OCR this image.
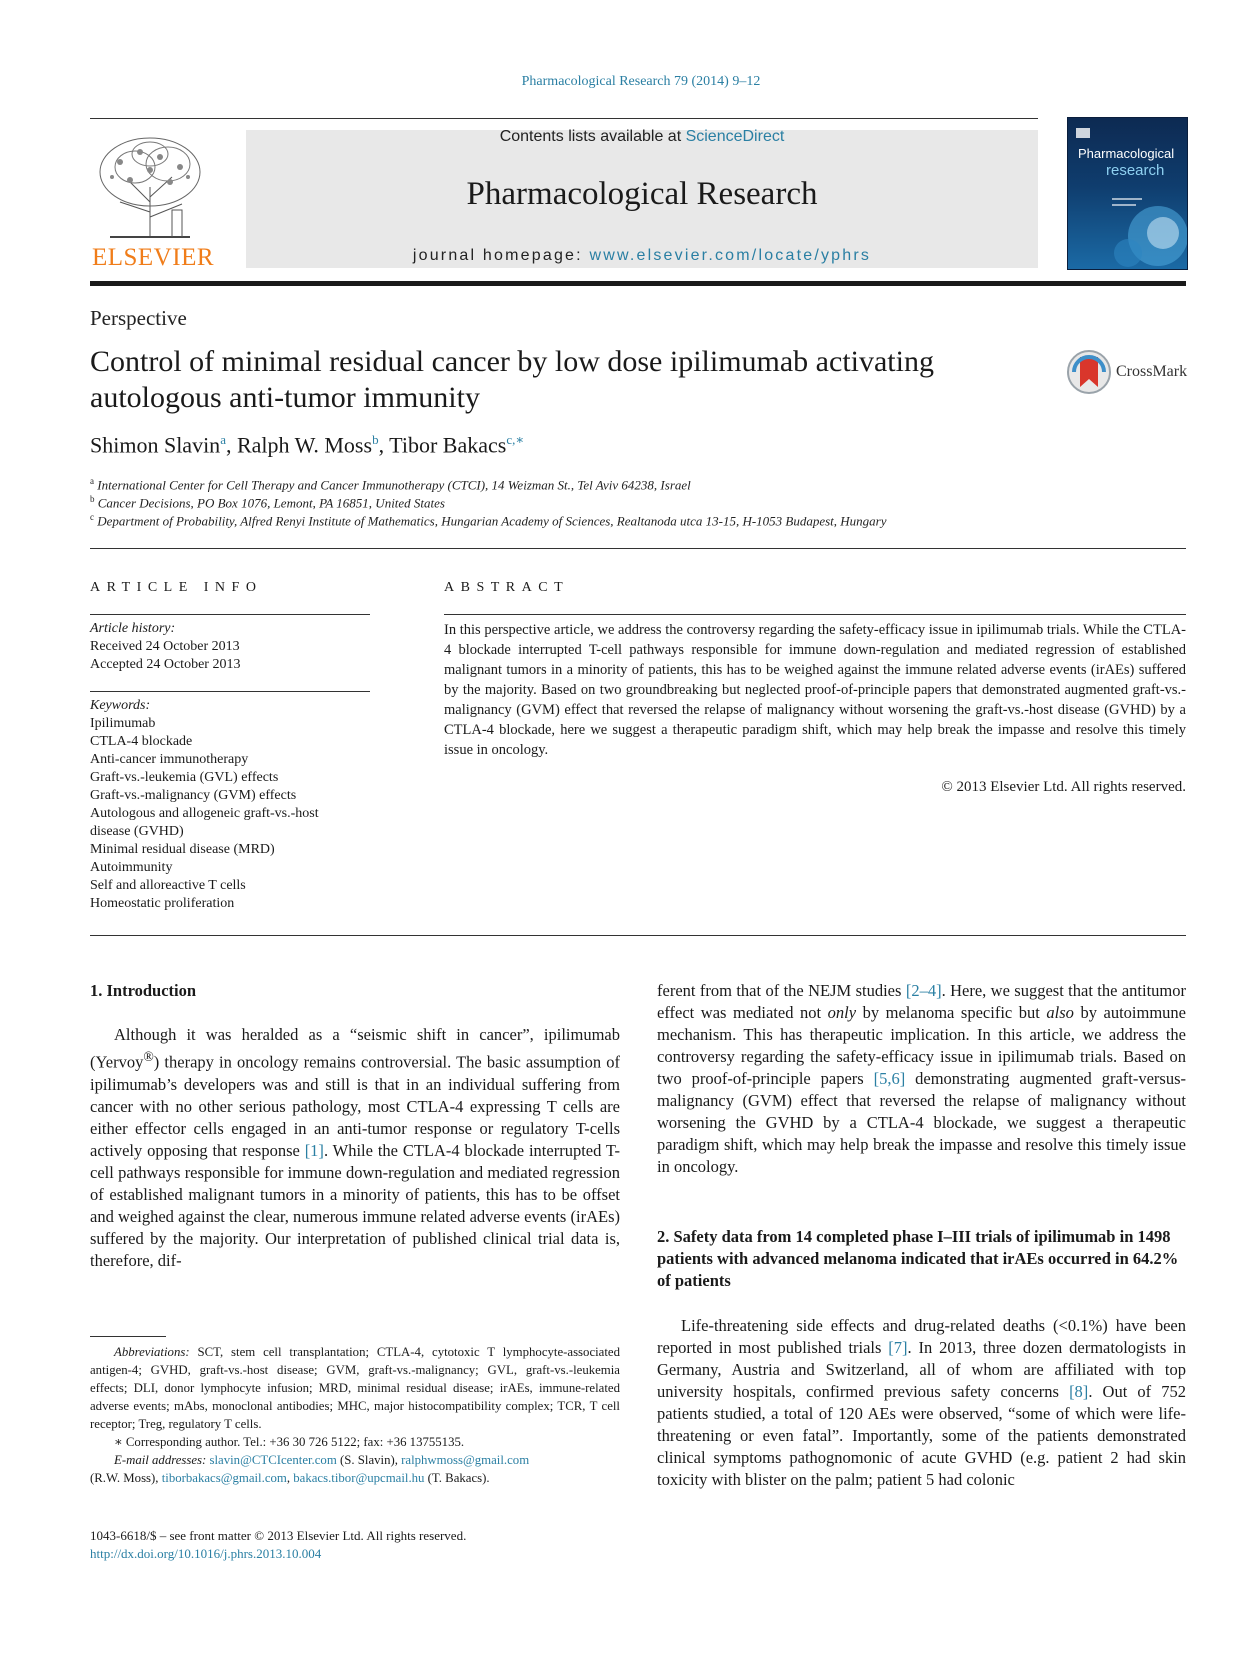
Pharmacological Research 79 (2014) 9–12
ELSEVIER
Contents lists available at ScienceDirect
Pharmacological Research
journal homepage: www.elsevier.com/locate/yphrs
Pharmacological
research
Perspective
Control of minimal residual cancer by low dose ipilimumab activating
autologous anti-tumor immunity
CrossMark
Shimon Slavin$^a$, Ralph W. Moss$^b$, Tibor Bakacs$^{c,∗}$
$^a$ International Center for Cell Therapy and Cancer Immunotherapy (CTCI), 14 Weizman St., Tel Aviv 64238, Israel
$^b$ Cancer Decisions, PO Box 1076, Lemont, PA 16851, United States
$^c$ Department of Probability, Alfred Renyi Institute of Mathematics, Hungarian Academy of Sciences, Realtanoda utca 13-15, H-1053 Budapest, Hungary
ARTICLE INFO	ABSTRACT
Article history:
Received 24 October 2013
Accepted 24 October 2013
Keywords:
Ipilimumab
CTLA-4 blockade
Anti-cancer immunotherapy
Graft-vs.-leukemia (GVL) effects
Graft-vs.-malignancy (GVM) effects
Autologous and allogeneic graft-vs.-host disease (GVHD)
Minimal residual disease (MRD)
Autoimmunity
Self and alloreactive T cells
Homeostatic proliferation
In this perspective article, we address the controversy regarding the safety-efficacy issue in ipilimumab trials. While the CTLA-4 blockade interrupted T-cell pathways responsible for immune down-regulation and mediated regression of established malignant tumors in a minority of patients, this has to be weighed against the immune related adverse events (irAEs) suffered by the majority. Based on two groundbreaking but neglected proof-of-principle papers that demonstrated augmented graft-vs.-malignancy (GVM) effect that reversed the relapse of malignancy without worsening the graft-vs.-host disease (GVHD) by a CTLA-4 blockade, here we suggest a therapeutic paradigm shift, which may help break the impasse and resolve this timely issue in oncology.
© 2013 Elsevier Ltd. All rights reserved.
1. Introduction

Although it was heralded as a “seismic shift in cancer”, ipilimumab (Yervoy®) therapy in oncology remains controversial. The basic assumption of ipilimumab’s developers was and still is that in an individual suffering from cancer with no other serious pathology, most CTLA-4 expressing T cells are either effector cells engaged in an anti-tumor response or regulatory T-cells actively opposing that response [1]. While the CTLA-4 blockade interrupted T-cell pathways responsible for immune down-regulation and mediated regression of established malignant tumors in a minority of patients, this has to be offset and weighed against the clear, numerous immune related adverse events (irAEs) suffered by the majority. Our interpretation of published clinical trial data is, therefore, dif-

ferent from that of the NEJM studies [2–4]. Here, we suggest that the antitumor effect was mediated not only by melanoma specific but also by autoimmune mechanism. This has therapeutic implication. In this article, we address the controversy regarding the safety-efficacy issue in ipilimumab trials. Based on two proof-of-principle papers [5,6] demonstrating augmented graft-versus-malignancy (GVM) effect that reversed the relapse of malignancy without worsening the GVHD by a CTLA-4 blockade, we suggest a therapeutic paradigm shift, which may help break the impasse and resolve this timely issue in oncology.

2. Safety data from 14 completed phase I–III trials of ipilimumab in 1498 patients with advanced melanoma indicated that irAEs occurred in 64.2% of patients

Life-threatening side effects and drug-related deaths (<0.1%) have been reported in most published trials [7]. In 2013, three dozen dermatologists in Germany, Austria and Switzerland, all of whom are affiliated with top university hospitals, confirmed previous safety concerns [8]. Out of 752 patients studied, a total of 120 AEs were observed, “some of which were life-threatening or even fatal”. Importantly, some of the patients demonstrated clinical symptoms pathognomonic of acute GVHD (e.g. patient 2 had skin toxicity with blister on the palm; patient 5 had colonic

Abbreviations: SCT, stem cell transplantation; CTLA-4, cytotoxic T lymphocyte-associated antigen-4; GVHD, graft-vs.-host disease; GVM, graft-vs.-malignancy; GVL, graft-vs.-leukemia effects; DLI, donor lymphocyte infusion; MRD, minimal residual disease; irAEs, immune-related adverse events; mAbs, monoclonal antibodies; MHC, major histocompatibility complex; TCR, T cell receptor; Treg, regulatory T cells.

∗ Corresponding author. Tel.: +36 30 726 5122; fax: +36 13755135.

E-mail addresses: slavin@CTCIcenter.com (S. Slavin), ralphwmoss@gmail.com

(R.W. Moss), tiborbakacs@gmail.com, bakacs.tibor@upcmail.hu (T. Bakacs).

1043-6618/$ – see front matter © 2013 Elsevier Ltd. All rights reserved.
http://dx.doi.org/10.1016/j.phrs.2013.10.004
